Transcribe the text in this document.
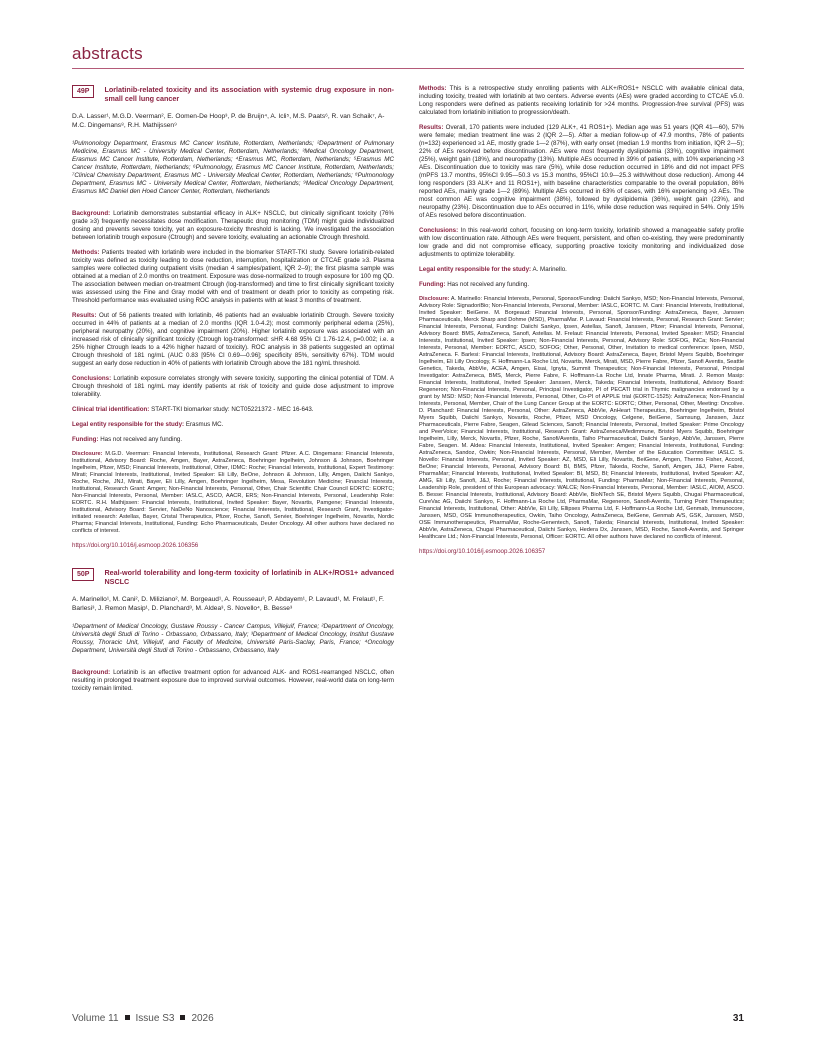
abstracts
49P	Lorlatinib-related toxicity and its association with systemic drug exposure in non-small cell lung cancer
D.A. Lasser¹, M.G.D. Veerman², E. Oomen-De Hoop³, P. de Bruijn⁴, A. Icli⁵, M.S. Paats⁶, R. van Schaik⁷, A-M.C. Dingemans⁸, R.H. Mathijssen⁹
¹Pulmonology Department, Erasmus MC Cancer Institute, Rotterdam, Netherlands; ²Department of Pulmonary Medicine, Erasmus MC - University Medical Center, Rotterdam, Netherlands; ³Medical Oncology Department, Erasmus MC Cancer Institute, Rotterdam, Netherlands; ⁴Erasmus MC, Rotterdam, Netherlands; ⁵Erasmus MC Cancer Institute, Rotterdam, Netherlands; ⁶Pulmonology, Erasmus MC Cancer Institute, Rotterdam, Netherlands; ⁷Clinical Chemistry Department, Erasmus MC - University Medical Center, Rotterdam, Netherlands; ⁸Pulmonology Department, Erasmus MC - University Medical Center, Rotterdam, Netherlands; ⁹Medical Oncology Department, Erasmus MC Daniel den Hoed Cancer Center, Rotterdam, Netherlands

Background: Lorlatinib demonstrates substantial efficacy in ALK+ NSCLC, but clinically significant toxicity (76% grade ≥3) frequently necessitates dose modification. Therapeutic drug monitoring (TDM) might guide individualized dosing and prevents severe toxicity, yet an exposure-toxicity threshold is lacking. We investigated the association between lorlatinib trough exposure (Ctrough) and severe toxicity, evaluating an actionable Ctrough threshold.

Methods: Patients treated with lorlatinib were included in the biomarker START-TKI study. Severe lorlatinib-related toxicity was defined as toxicity leading to dose reduction, interruption, hospitalization or CTCAE grade ≥3. Plasma samples were collected during outpatient visits (median 4 samples/patient, IQR 2–9); the first plasma sample was obtained at a median of 2.0 months on treatment. Exposure was dose-normalized to trough exposure for 100 mg QD. The association between median on-treatment Ctrough (log-transformed) and time to first clinically significant toxicity was assessed using the Fine and Gray model with end of treatment or death prior to toxicity as competing risk. Threshold performance was evaluated using ROC analysis in patients with at least 3 months of treatment.

Results: Out of 56 patients treated with lorlatinib, 46 patients had an evaluable lorlatinib Ctrough. Severe toxicity occurred in 44% of patients at a median of 2.0 months (IQR 1.0-4.2); most commonly peripheral edema (25%), peripheral neuropathy (20%), and cognitive impairment (20%). Higher lorlatinib exposure was associated with an increased risk of clinically significant toxicity (Ctrough log-transformed: sHR 4.68 95% CI 1.76-12.4, p=0.002; i.e. a 25% higher Ctrough leads to a 42% higher hazard of toxicity). ROC analysis in 38 patients suggested an optimal Ctrough threshold of 181 ng/mL (AUC 0.83 [95% CI 0.69—0.96]; specificity 85%, sensitivity 67%). TDM would suggest an early dose reduction in 40% of patients with lorlatinib Ctrough above the 181 ng/mL threshold.

Conclusions: Lorlatinib exposure correlates strongly with severe toxicity, supporting the clinical potential of TDM. A Ctrough threshold of 181 ng/mL may identify patients at risk of toxicity and guide dose adjustment to improve tolerability.

Clinical trial identification: START-TKI biomarker study: NCT05221372 - MEC 16-643.

Legal entity responsible for the study: Erasmus MC.

Funding: Has not received any funding.

Disclosure: M.G.D. Veerman: Financial Interests, Institutional, Research Grant: Pfizer. A.C. Dingemans: Financial Interests, Institutional, Advisory Board: Roche, Amgen, Bayer, AstraZeneca, Boehringer Ingelheim, Johnson & Johnson, Boehringer Ingelheim, Pfizer, MSD; Financial Interests, Institutional, Other, IDMC: Roche; Financial Interests, Institutional, Expert Testimony: Mirati; Financial Interests, Institutional, Invited Speaker: Eli Lilly, BeOne, Johnson & Johnson, Lilly, Amgen, Daiichi Sankyo, Roche, Roche, JNJ, Mirati, Bayer, Eli Lilly, Amgen, Boehringer Ingelheim, Mesa, Revolution Medicine; Financial Interests, Institutional, Research Grant: Amgen; Non-Financial Interests, Personal, Other, Chair Scientific Chair Council EORTC: EORTC; Non-Financial Interests, Personal, Member: IASLC, ASCO, AACR, ERS; Non-Financial Interests, Personal, Leadership Role: EORTC. R.H. Mathijssen: Financial Interests, Institutional, Invited Speaker: Bayer, Novartis, Pamgene; Financial Interests, Institutional, Advisory Board: Servier, NaDeNo Nanoscience; Financial Interests, Institutional, Research Grant, Investigator-initiated research: Astellas, Bayer, Cristal Therapeutics, Pfizer, Roche, Sanofi, Servier, Boehringer Ingelheim, Novartis, Nordic Pharma; Financial Interests, Institutional, Funding: Echo Pharmaceuticals, Deuter Oncology. All other authors have declared no conflicts of interest.

https://doi.org/10.1016/j.esmoop.2026.106356
50P	Real-world tolerability and long-term toxicity of lorlatinib in ALK+/ROS1+ advanced NSCLC
A. Marinello¹, M. Cani², D. Miliziano², M. Borgeaud¹, A. Rousseau³, P. Abdayem¹, P. Lavaud¹, M. Frelaut¹, F. Barlesi³, J. Remon Masip¹, D. Planchard³, M. Aldea³, S. Novello⁴, B. Besse³
¹Department of Medical Oncology, Gustave Roussy - Cancer Campus, Villejuif, France; ²Department of Oncology, Università degli Studi di Torino - Orbassano, Orbassano, Italy; ³Department of Medical Oncology, Institut Gustave Roussy, Thoracic Unit, Villejuif, and Faculty of Medicine, Université Paris-Saclay, Paris, France; ⁴Oncology Department, Università degli Studi di Torino - Orbassano, Orbassano, Italy

Background: Lorlatinib is an effective treatment option for advanced ALK- and ROS1-rearranged NSCLC, often resulting in prolonged treatment exposure due to improved survival outcomes. However, real-world data on long-term toxicity remain limited.

Methods: This is a retrospective study enrolling patients with ALK+/ROS1+ NSCLC with available clinical data, including toxicity, treated with lorlatinib at two centers. Adverse events (AEs) were graded according to CTCAE v5.0. Long responders were defined as patients receiving lorlatinib for >24 months. Progression-free survival (PFS) was calculated from lorlatinib initiation to progression/death.

Results: Overall, 170 patients were included (129 ALK+, 41 ROS1+). Median age was 51 years (IQR 41—60), 57% were female; median treatment line was 2 (IQR 2—5). After a median follow-up of 47.9 months, 78% of patients (n=132) experienced ≥1 AE, mostly grade 1—2 (87%), with early onset (median 1.9 months from initiation, IQR 2—5); 22% of AEs resolved before discontinuation. AEs were most frequently dyslipidemia (33%), cognitive impairment (25%), weight gain (18%), and neuropathy (13%). Multiple AEs occurred in 39% of patients, with 10% experiencing >3 AEs. Discontinuation due to toxicity was rare (5%), while dose reduction occurred in 18% and did not impact PFS (mPFS 13.7 months, 95%CI 9.95—50.3 vs 15.3 months, 95%CI 10.9—25.3 with/without dose reduction). Among 44 long responders (33 ALK+ and 11 ROS1+), with baseline characteristics comparable to the overall population, 86% reported AEs, mainly grade 1—2 (89%). Multiple AEs occurred in 63% of cases, with 16% experiencing >3 AEs. The most common AE was cognitive impairment (38%), followed by dyslipidemia (36%), weight gain (23%), and neuropathy (23%). Discontinuation due to AEs occurred in 11%, while dose reduction was required in 54%. Only 15% of AEs resolved before discontinuation.

Conclusions: In this real-world cohort, focusing on long-term toxicity, lorlatinib showed a manageable safety profile with low discontinuation rate. Although AEs were frequent, persistent, and often co-existing, they were predominantly low grade and did not compromise efficacy, supporting proactive toxicity monitoring and individualized dose adjustments to optimize tolerability.

Legal entity responsible for the study: A. Marinello.

Funding: Has not received any funding.

Disclosure: A. Marinello: Financial Interests, Personal, Sponsor/Funding: Daiichi Sankyo, MSD; Non-Financial Interests, Personal, Advisory Role: SignadoriBio; Non-Financial Interests, Personal, Member: IASLC, EORTC. M. Cani: Financial Interests, Institutional, Invited Speaker: BeiGene. M. Borgeaud: Financial Interests, Personal, Sponsor/Funding: AstraZeneca, Bayer, Janssen Pharmaceuticals, Merck Sharp and Dohme (MSD), PharmaMar. P. Lavaud: Financial Interests, Personal, Research Grant: Servier; Financial Interests, Personal, Funding: Daiichi Sankyo, Ipsen, Astellas, Sanofi, Janssen, Pfizer; Financial Interests, Personal, Advisory Board: BMS, AstraZeneca, Sanofi, Astellas. M. Frelaut: Financial Interests, Personal, Invited Speaker: MSD; Financial Interests, Institutional, Invited Speaker: Ipsen; Non-Financial Interests, Personal, Advisory Role: SOFOG, INCa; Non-Financial Interests, Personal, Member: EORTC, ASCO, SOFOG; Other, Personal, Other, Invitation to medical conference: Ipsen, MSD, AstraZeneca. F. Barlesi: Financial Interests, Institutional, Advisory Board: AstraZeneca, Bayer, Bristol Myers Squibb, Boehringer Ingelheim, Eli Lilly Oncology, F. Hoffmann-La Roche Ltd, Novartis, Merck, Mirati, MSD, Pierre Fabre, Pfizer, Sanofi Aventis, Seattle Genetics, Takeda, AbbVie, ACEA, Amgen, Eisai, Ignyta, Summit Therapeutics; Non-Financial Interests, Personal, Principal Investigator: AstraZeneca, BMS, Merck, Pierre Fabre, F. Hoffmann-La Roche Ltd, Innate Pharma, Mirati. J. Remon Masip: Financial Interests, Institutional, Invited Speaker: Janssen, Merck, Takeda; Financial Interests, Institutional, Advisory Board: Regeneron; Non-Financial Interests, Personal, Principal Investigator, PI of PECATI trial in Thymic malignancies endorsed by a grant by MSD: MSD; Non-Financial Interests, Personal, Other, Co-PI of APPLE trial (EORTC-1525): AstraZeneca; Non-Financial Interests, Personal, Member, Chair of the Lung Cancer Group at the EORTC: EORTC; Other, Personal, Other, Meeting: Oncolive. D. Planchard: Financial Interests, Personal, Other: AstraZeneca, AbbVie, AnHeart Therapeutics, Boehringer Ingelheim, Bristol Myers Squibb, Daiichi Sankyo, Novartis, Roche, Pfizer, MSD Oncology, Celgene, BeiGene, Samsung, Janssen, Jazz Pharmaceuticals, Pierre Fabre, Seagen, Gilead Sciences, Sanofi; Financial Interests, Personal, Invited Speaker: Prime Oncology and PeerVoice; Financial Interests, Institutional, Research Grant: AstraZeneca/Medimmune, Bristol Myers Squibb, Boehringer Ingelheim, Lilly, Merck, Novartis, Pfizer, Roche, Sanofi/Aventis, Taiho Pharmaceutical, Daiichi Sankyo, AbbVie, Janssen, Pierre Fabre, Seagen. M. Aldea: Financial Interests, Institutional, Invited Speaker: Amgen; Financial Interests, Institutional, Funding: AstraZeneca, Sandoz, Owkin; Non-Financial Interests, Personal, Member, Member of the Education Committee: IASLC. S. Novello: Financial Interests, Personal, Invited Speaker: AZ, MSD, Eli Lilly, Novartis, BeiGene, Amgen, Thermo Fisher, Accord, BeOne; Financial Interests, Personal, Advisory Board: BI, BMS, Pfizer, Takeda, Roche, Sanofi, Amgen, J&J, Pierre Fabre, PharmaMar; Financial Interests, Institutional, Invited Speaker: BI, MSD, BI; Financial Interests, Institutional, Invited Speaker: AZ, AMG, Eli Lilly, Sanofi, J&J, Roche; Financial Interests, Institutional, Funding: PharmaMar; Non-Financial Interests, Personal, Leadership Role, president of this European advocacy: WALCE; Non-Financial Interests, Personal, Member: IASLC, AIOM, ASCO. B. Besse: Financial Interests, Institutional, Advisory Board: AbbVie, BioNTech SE, Bristol Myers Squibb, Chugai Pharmaceutical, CureVac AG, Daiichi Sankyo, F. Hoffmann-La Roche Ltd, PharmaMar, Regeneron, Sanofi-Aventis, Turning Point Therapeutics; Financial Interests, Institutional, Other: AbbVie, Eli Lilly, Ellipses Pharma Ltd, F. Hoffmann-La Roche Ltd, Genmab, Immunocore, Janssen, MSD, OSE Immunotherapeutics, Owkin, Taiho Oncology, AstraZeneca, BeiGene, Genmab A/S, GSK, Janssen, MSD, OSE Immunotherapeutics, PharmaMar, Roche-Genentech, Sanofi, Takeda; Financial Interests, Institutional, Invited Speaker: AbbVie, AstraZeneca, Chugai Pharmaceutical, Daiichi Sankyo, Hedera Dx, Janssen, MSD, Roche, Sanofi-Aventis, and Springer Healthcare Ltd.; Non-Financial Interests, Personal, Officer: EORTC. All other authors have declared no conflicts of interest.

https://doi.org/10.1016/j.esmoop.2026.106357
Volume 11 Issue S3 2026	31
